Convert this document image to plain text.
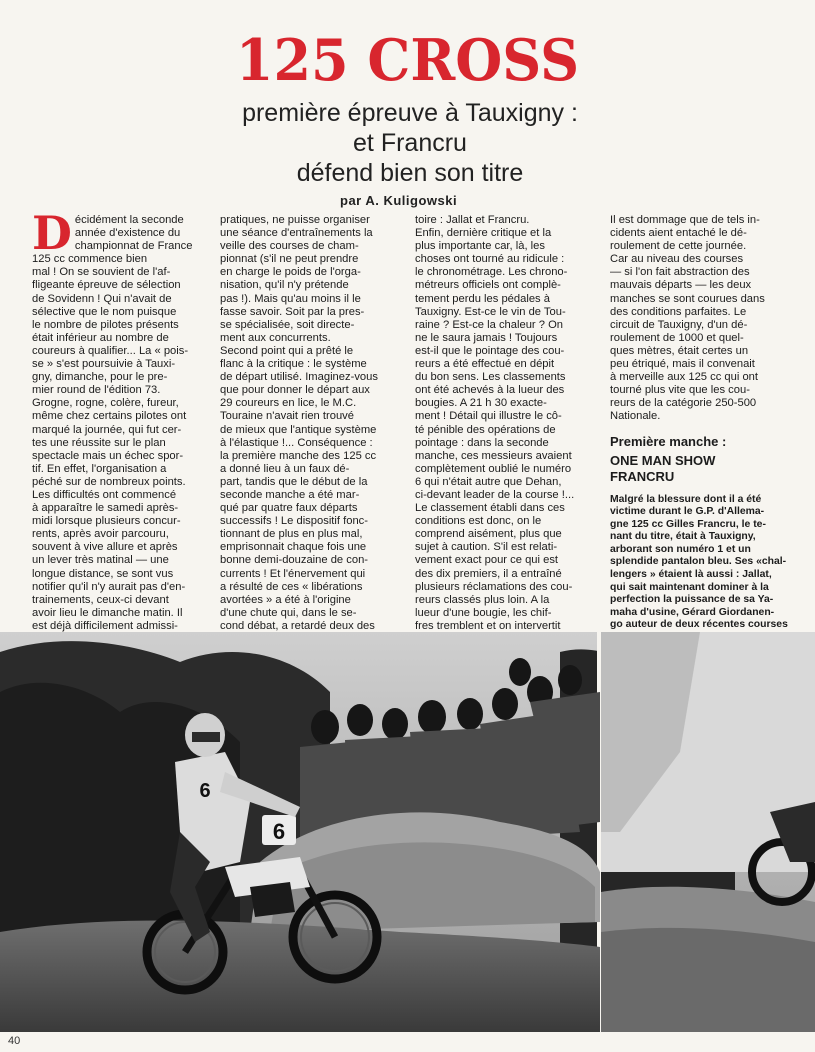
125 CROSS
première épreuve à Tauxigny :
et Francru
défend bien son titre
par A. Kuligowski
D écidément la seconde
année d'existence du
championnat de France
125 cc commence bien
mal ! On se souvient de l'af-
fligeante épreuve de sélection
de Sovidenn ! Qui n'avait de
sélective que le nom puisque
le nombre de pilotes présents
était inférieur au nombre de
coureurs à qualifier... La « pois-
se » s'est poursuivie à Tauxi-
gny, dimanche, pour le pre-
mier round de l'édition 73.
Grogne, rogne, colère, fureur,
même chez certains pilotes ont
marqué la journée, qui fut cer-
tes une réussite sur le plan
spectacle mais un échec spor-
tif. En effet, l'organisation a
péché sur de nombreux points.
Les difficultés ont commencé
à apparaître le samedi après-
midi lorsque plusieurs concur-
rents, après avoir parcouru,
souvent à vive allure et après
un lever très matinal — une
longue distance, se sont vus
notifier qu'il n'y aurait pas d'en-
trainements, ceux-ci devant
avoir lieu le dimanche matin. Il
est déjà difficilement admissi-

pratiques, ne puisse organiser
une séance d'entraînements la
veille des courses de cham-
pionnat (s'il ne peut prendre
en charge le poids de l'orga-
nisation, qu'il n'y prétende
pas !). Mais qu'au moins il le
fasse savoir. Soit par la pres-
se spécialisée, soit directe-
ment aux concurrents.
Second point qui a prêté le
flanc à la critique : le système
de départ utilisé. Imaginez-vous
que pour donner le départ aux
29 coureurs en lice, le M.C.
Touraine n'avait rien trouvé
de mieux que l'antique système
à l'élastique !... Conséquence :
la première manche des 125 cc
a donné lieu à un faux dé-
part, tandis que le début de la
seconde manche a été mar-
qué par quatre faux départs
successifs ! Le dispositif fonc-
tionnant de plus en plus mal,
emprisonnait chaque fois une
bonne demi-douzaine de con-
currents ! Et l'énervement qui
a résulté de ces « libérations
avortées » a été à l'origine
d'une chute qui, dans le se-
cond débat, a retardé deux des

toire : Jallat et Francru.
Enfin, dernière critique et la
plus importante car, là, les
choses ont tourné au ridicule :
le chronométrage. Les chrono-
métreurs officiels ont complè-
tement perdu les pédales à
Tauxigny. Est-ce le vin de Tou-
raine ? Est-ce la chaleur ? On
ne le saura jamais ! Toujours
est-il que le pointage des cou-
reurs a été effectué en dépit
du bon sens. Les classements
ont été achevés à la lueur des
bougies. A 21 h 30 exacte-
ment ! Détail qui illustre le cô-
té pénible des opérations de
pointage : dans la seconde
manche, ces messieurs avaient
complètement oublié le numéro
6 qui n'était autre que Dehan,
ci-devant leader de la course !...
Le classement établi dans ces
conditions est donc, on le
comprend aisément, plus que
sujet à caution. S'il est relati-
vement exact pour ce qui est
des dix premiers, il a entraîné
plusieurs réclamations des cou-
reurs classés plus loin. A la
lueur d'une bougie, les chif-
fres tremblent et on intervertit

Il est dommage que de tels in-
cidents aient entaché le dé-
roulement de cette journée.
Car au niveau des courses
— si l'on fait abstraction des
mauvais départs — les deux
manches se sont courues dans
des conditions parfaites. Le
circuit de Tauxigny, d'un dé-
roulement de 1000 et quel-
ques mètres, était certes un
peu étriqué, mais il convenait
à merveille aux 125 cc qui ont
tourné plus vite que les cou-
reurs de la catégorie 250-500
Nationale.

Première manche :
ONE MAN SHOW
FRANCRU

Malgré la blessure dont il a été
victime durant le G.P. d'Allema-
gne 125 cc Gilles Francru, le te-
nant du titre, était à Tauxigny,
arborant son numéro 1 et un
splendide pantalon bleu. Ses «chal-
lengers » étaient là aussi : Jallat,
qui sait maintenant dominer à la
perfection la puissance de sa Ya-
maha d'usine, Gérard Giordanen-
go auteur de deux récentes courses

6
6
40
